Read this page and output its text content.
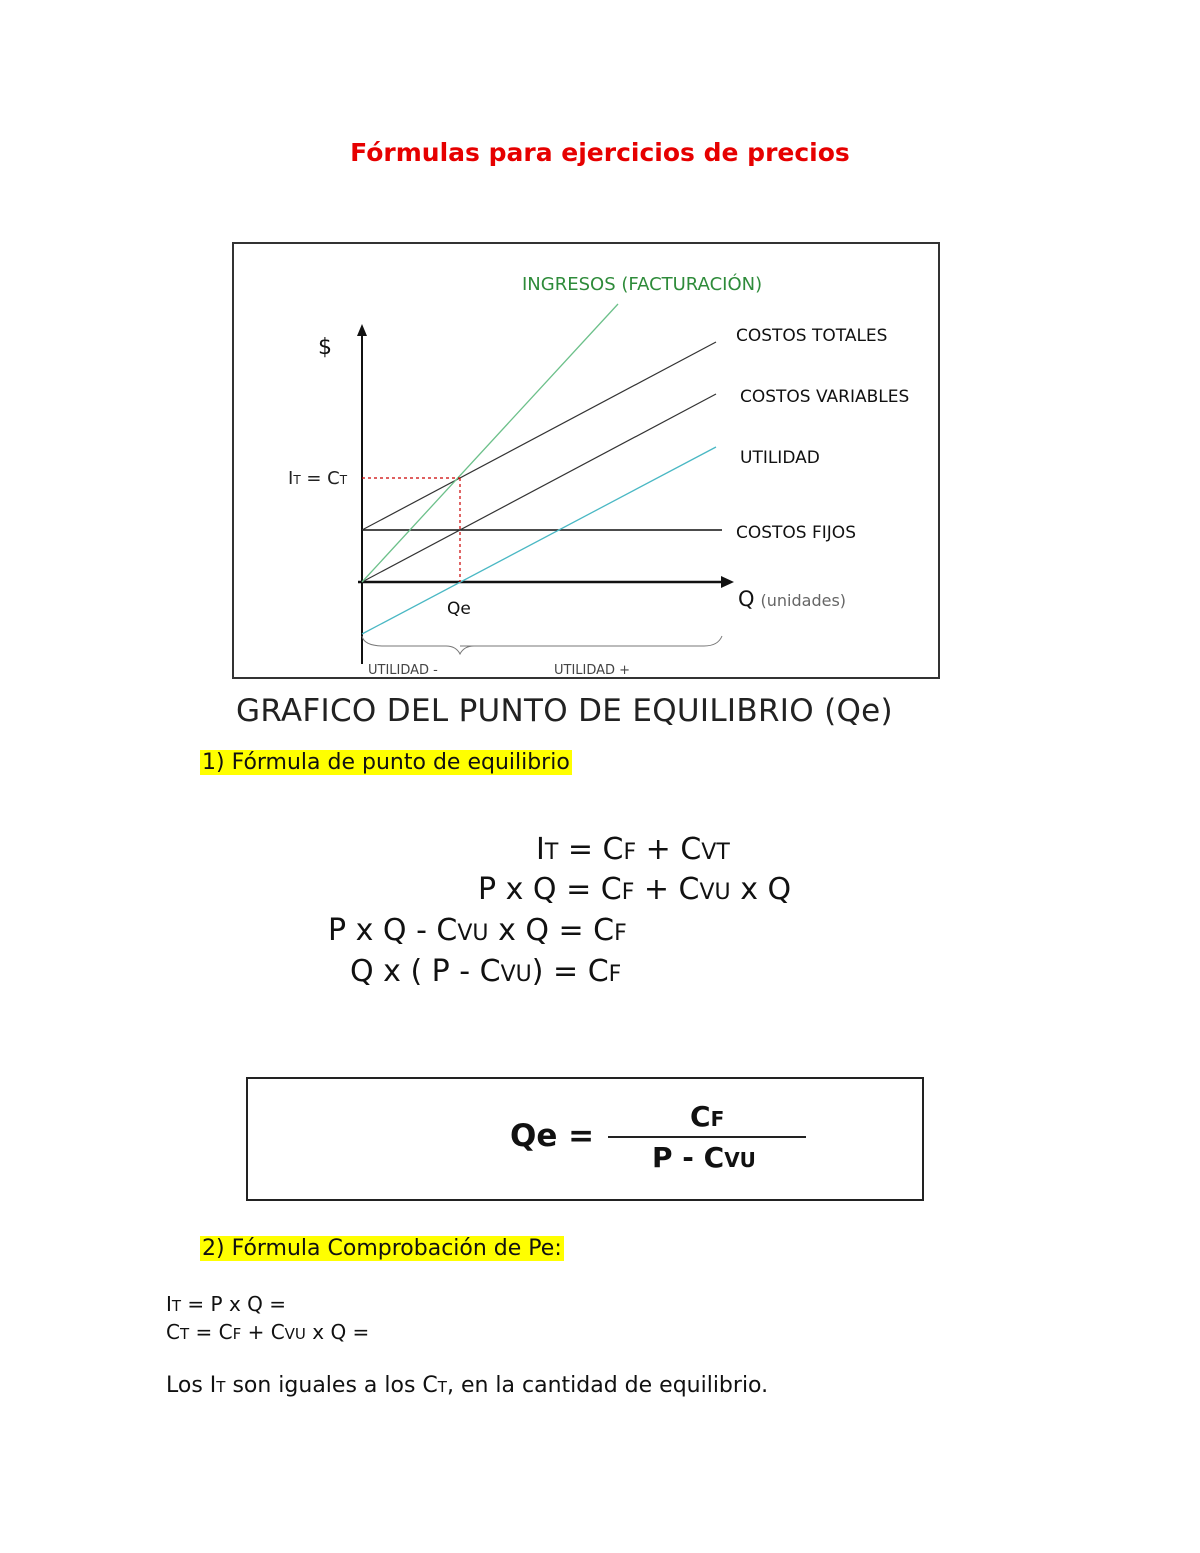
Fórmulas para ejercicios de precios
INGRESOS (FACTURACIÓN)
COSTOS TOTALES
COSTOS VARIABLES
UTILIDAD
COSTOS FIJOS
$
Q (unidades)
IT = CT
Qe
UTILIDAD -	UTILIDAD +
GRAFICO DEL PUNTO DE EQUILIBRIO (Qe)
1) Fórmula de punto de equilibrio
IT = CF + CVT
P x Q = CF + CVU x Q
P x Q - CVU x Q = CF
Q x ( P - CVU) = CF
Qe =
CF
P - CVU
2) Fórmula Comprobación de Pe:
IT = P x Q =
CT = CF + CVU x Q =
Los IT son iguales a los CT, en la cantidad de equilibrio.
